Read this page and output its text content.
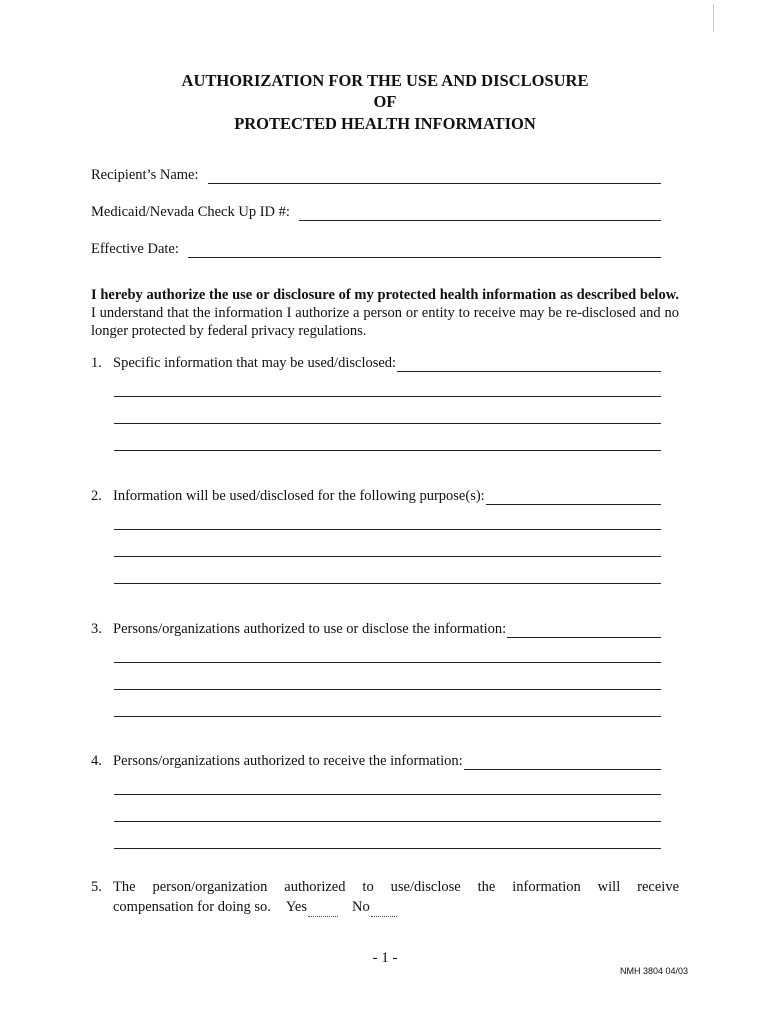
AUTHORIZATION FOR THE USE AND DISCLOSURE
OF
PROTECTED HEALTH INFORMATION
Recipient’s Name:
Medicaid/Nevada Check Up ID #:
Effective Date:
I hereby authorize the use or disclosure of my protected health information as described below. I understand that the information I authorize a person or entity to receive may be re-disclosed and no longer protected by federal privacy regulations.
1. Specific information that may be used/disclosed:
2. Information will be used/disclosed for the following purpose(s):
3. Persons/organizations authorized to use or disclose the information:
4. Persons/organizations authorized to receive the information:
5. The person/organization authorized to use/disclose the information will receive
compensation for doing so. Yes	No
- 1 -
NMH 3804 04/03
